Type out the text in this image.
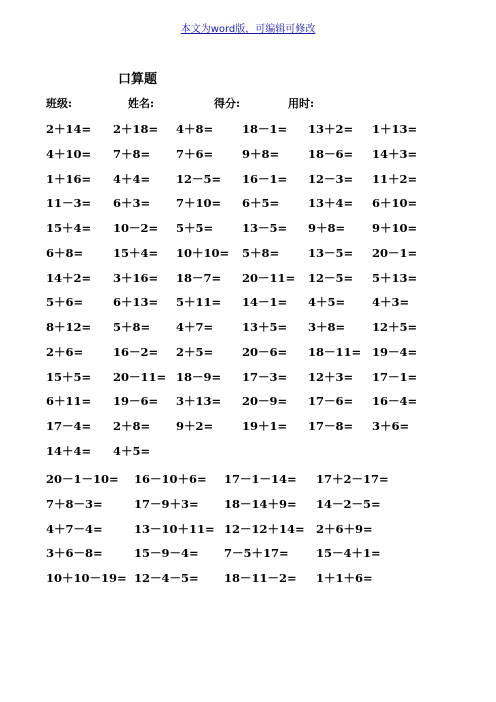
本文为word版，可编辑可修改
口算题
班级:	姓名:	得分:	用时:
2＋14= 2＋18= 4＋8=	18－1= 13＋2= 1＋13=
4＋10= 7＋8= 7＋6=	9＋8=	18－6= 14＋3=
1＋16= 4＋4= 12－5= 16－1= 12－3= 11＋2=
11－3= 6＋3= 7＋10= 6＋5=	13＋4= 6＋10=
15＋4= 10－2= 5＋5=	13－5= 9＋8= 9＋10=
6＋8=	15＋4= 10＋10= 5＋8=	13－5= 20－1=
14＋2= 3＋16= 18－7= 20－11= 12－5= 5＋13=
5＋6=	6＋13= 5＋11= 14－1= 4＋5= 4＋3=
8＋12= 5＋8= 4＋7=	13＋5= 3＋8= 12＋5=
2＋6=	16－2= 2＋5=	20－6= 18－11= 19－4=
15＋5= 20－11= 18－9= 17－3= 12＋3= 17－1=
6＋11= 19－6= 3＋13= 20－9= 17－6= 16－4=
17－4= 2＋8= 9＋2=	19＋1= 17－8= 3＋6=
14＋4= 4＋5=
20－1－10= 16－10＋6= 17－1－14= 17＋2－17=
7＋8－3=	17－9＋3= 18－14＋9= 14－2－5=
4＋7－4=	13－10＋11= 12－12＋14= 2＋6＋9=
3＋6－8=	15－9－4= 7－5＋17= 15－4＋1=
10＋10－19= 12－4－5= 18－11－2= 1＋1＋6=
